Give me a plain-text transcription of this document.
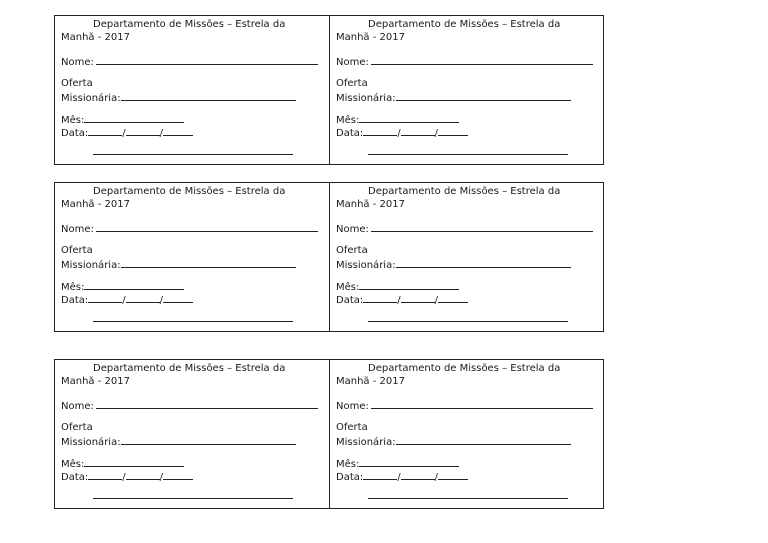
Departamento de Missões – Estrela da
Manhã - 2017
Nome:
Oferta
Missionária:
Mês:
Data:	/	/
Departamento de Missões – Estrela da
Manhã - 2017
Nome:
Oferta
Missionária:
Mês:
Data:	/	/
Departamento de Missões – Estrela da
Manhã - 2017
Nome:
Oferta
Missionária:
Mês:
Data:	/	/
Departamento de Missões – Estrela da
Manhã - 2017
Nome:
Oferta
Missionária:
Mês:
Data:	/	/
Departamento de Missões – Estrela da
Manhã - 2017
Nome:
Oferta
Missionária:
Mês:
Data:	/	/
Departamento de Missões – Estrela da
Manhã - 2017
Nome:
Oferta
Missionária:
Mês:
Data:	/	/
